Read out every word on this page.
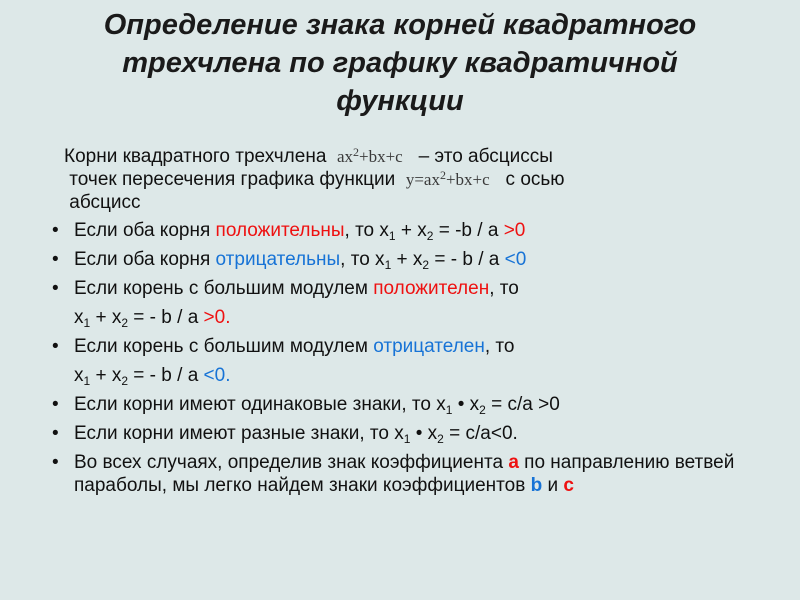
Определение знака корней квадратного
трехчлена по графику квадратичной
функции
Корни квадратного трехчлена $ax^2+bx+c$ – это абсциссы
точек пересечения графика функции $y=ax^2+bx+c$ с осью
абсцисс
• Если оба корня положительны, то $x_1 + x_2 = -b / a >0$
• Если оба корня отрицательны, то $x_1 + x_2$ = - b / a <0
• Если корень с большим модулем положителен, то
$x_1 + x_2$ = - b / a >0.
• Если корень с большим модулем отрицателен, то
$x_1 + x_2$ = - b / a <0.
• Если корни имеют одинаковые знаки, то $x_1$ • $x_2 = c/a >0$
• Если корни имеют разные знаки, то $x_1$ • $x_2 = c/a<0$.
• Во всех случаях, определив знак коэффициента a по направлению ветвей параболы, мы легко найдем знаки коэффициентов b и c
